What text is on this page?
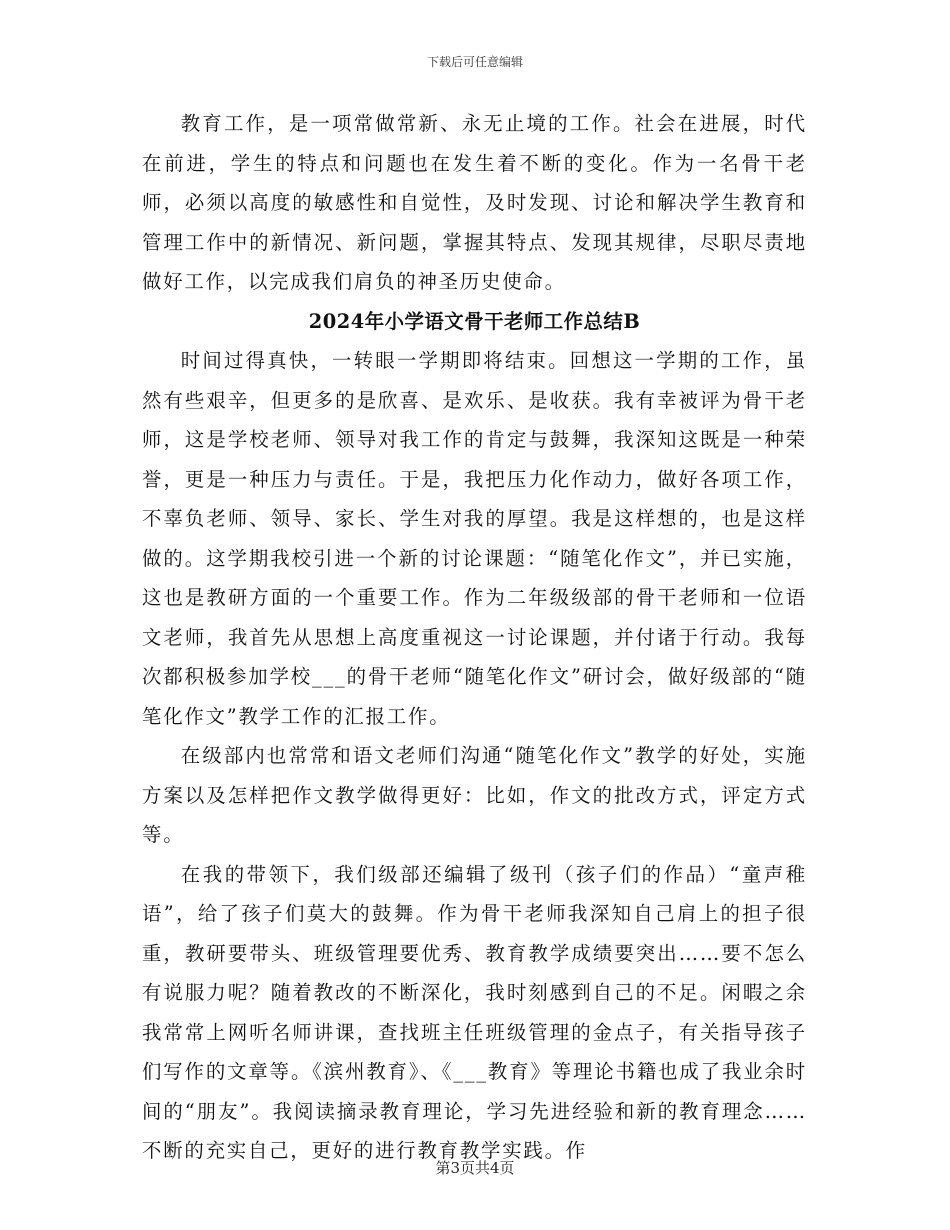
下载后可任意编辑

教育工作，是一项常做常新、永无止境的工作。社会在进展，时代在前进，学生的特点和问题也在发生着不断的变化。作为一名骨干老师，必须以高度的敏感性和自觉性，及时发现、讨论和解决学生教育和管理工作中的新情况、新问题，掌握其特点、发现其规律，尽职尽责地做好工作，以完成我们肩负的神圣历史使命。

2024年小学语文骨干老师工作总结B

时间过得真快，一转眼一学期即将结束。回想这一学期的工作，虽然有些艰辛，但更多的是欣喜、是欢乐、是收获。我有幸被评为骨干老师，这是学校老师、领导对我工作的肯定与鼓舞，我深知这既是一种荣誉，更是一种压力与责任。于是，我把压力化作动力，做好各项工作，不辜负老师、领导、家长、学生对我的厚望。我是这样想的，也是这样做的。这学期我校引进一个新的讨论课题：“随笔化作文”，并已实施，这也是教研方面的一个重要工作。作为二年级级部的骨干老师和一位语文老师，我首先从思想上高度重视这一讨论课题，并付诸于行动。我每次都积极参加学校___的骨干老师“随笔化作文”研讨会，做好级部的“随笔化作文”教学工作的汇报工作。

在级部内也常常和语文老师们沟通“随笔化作文”教学的好处，实施方案以及怎样把作文教学做得更好：比如，作文的批改方式，评定方式等。

在我的带领下，我们级部还编辑了级刊（孩子们的作品）“童声稚语”，给了孩子们莫大的鼓舞。作为骨干老师我深知自己肩上的担子很重，教研要带头、班级管理要优秀、教育教学成绩要突出……要不怎么有说服力呢？随着教改的不断深化，我时刻感到自己的不足。闲暇之余我常常上网听名师讲课，查找班主任班级管理的金点子，有关指导孩子们写作的文章等。《滨州教育》、《___教育》等理论书籍也成了我业余时间的“朋友”。我阅读摘录教育理论，学习先进经验和新的教育理念……不断的充实自己，更好的进行教育教学实践。作

第3页共4页
